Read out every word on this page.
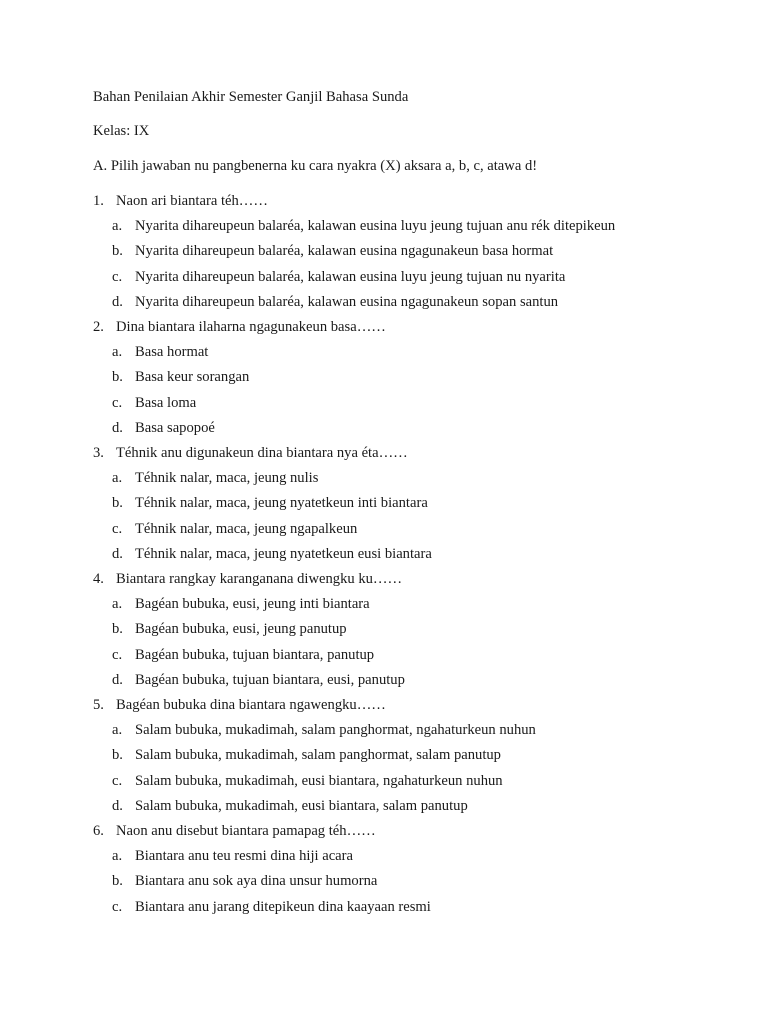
Bahan Penilaian Akhir Semester Ganjil Bahasa Sunda
Kelas: IX
A. Pilih jawaban nu pangbenerna ku cara nyakra (X) aksara a, b, c, atawa d!
1. Naon ari biantara téh……
a. Nyarita dihareupeun balaréa, kalawan eusina luyu jeung tujuan anu rék ditepikeun
b. Nyarita dihareupeun balaréa, kalawan eusina ngagunakeun basa hormat
c. Nyarita dihareupeun balaréa, kalawan eusina luyu jeung tujuan nu nyarita
d. Nyarita dihareupeun balaréa, kalawan eusina ngagunakeun sopan santun
2. Dina biantara ilaharna ngagunakeun basa……
a. Basa hormat
b. Basa keur sorangan
c. Basa loma
d. Basa sapopoé
3. Téhnik anu digunakeun dina biantara nya éta……
a. Téhnik nalar, maca, jeung nulis
b. Téhnik nalar, maca, jeung nyatetkeun inti biantara
c. Téhnik nalar, maca, jeung ngapalkeun
d. Téhnik nalar, maca, jeung nyatetkeun eusi biantara
4. Biantara rangkay karanganana diwengku ku……
a. Bagéan bubuka, eusi, jeung inti biantara
b. Bagéan bubuka, eusi, jeung panutup
c. Bagéan bubuka, tujuan biantara, panutup
d. Bagéan bubuka, tujuan biantara, eusi, panutup
5. Bagéan bubuka dina biantara ngawengku……
a. Salam bubuka, mukadimah, salam panghormat, ngahaturkeun nuhun
b. Salam bubuka, mukadimah, salam panghormat, salam panutup
c. Salam bubuka, mukadimah, eusi biantara, ngahaturkeun nuhun
d. Salam bubuka, mukadimah, eusi biantara, salam panutup
6. Naon anu disebut biantara pamapag téh……
a. Biantara anu teu resmi dina hiji acara
b. Biantara anu sok aya dina unsur humorna
c. Biantara anu jarang ditepikeun dina kaayaan resmi
